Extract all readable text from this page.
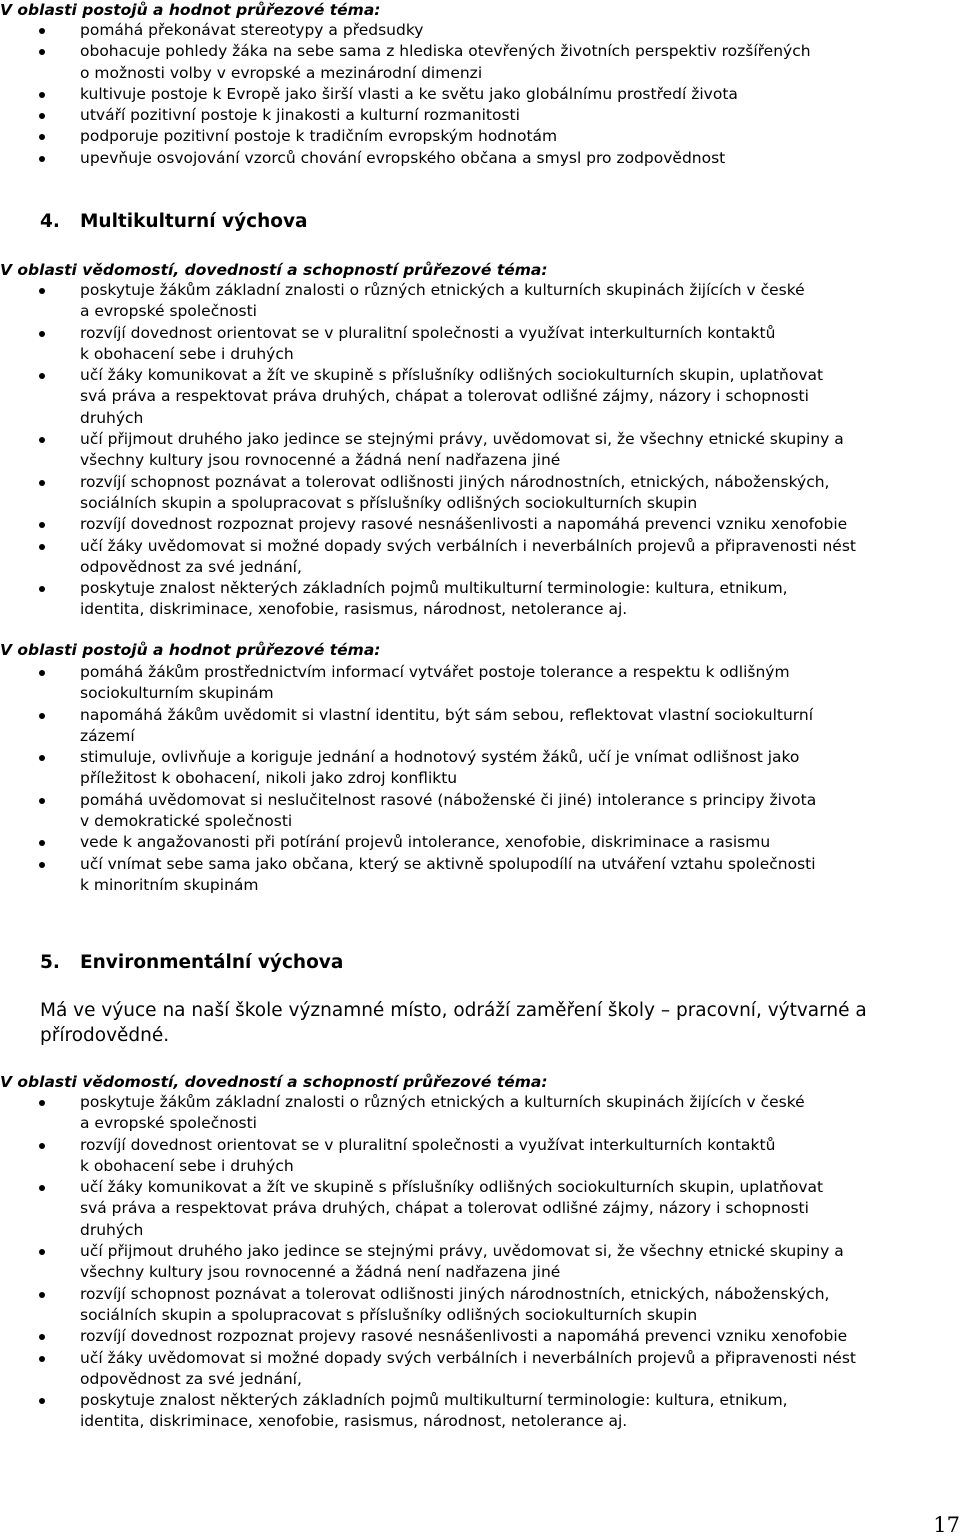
V oblasti postojů a hodnot průřezové téma:

pomáhá překonávat stereotypy a předsudky
obohacuje pohledy žáka na sebe sama z hlediska otevřených životních perspektiv rozšířených
o možnosti volby v evropské a mezinárodní dimenzi
kultivuje postoje k Evropě jako širší vlasti a ke světu jako globálnímu prostředí života
utváří pozitivní postoje k jinakosti a kulturní rozmanitosti
podporuje pozitivní postoje k tradičním evropským hodnotám
upevňuje osvojování vzorců chování evropského občana a smysl pro zodpovědnost
4. Multikulturní výchova

V oblasti vědomostí, dovedností a schopností průřezové téma:

poskytuje žákům základní znalosti o různých etnických a kulturních skupinách žijících v české
a evropské společnosti
rozvíjí dovednost orientovat se v pluralitní společnosti a využívat interkulturních kontaktů
k obohacení sebe i druhých
učí žáky komunikovat a žít ve skupině s příslušníky odlišných sociokulturních skupin, uplatňovat
svá práva a respektovat práva druhých, chápat a tolerovat odlišné zájmy, názory i schopnosti
druhých
učí přijmout druhého jako jedince se stejnými právy, uvědomovat si, že všechny etnické skupiny a
všechny kultury jsou rovnocenné a žádná není nadřazena jiné
rozvíjí schopnost poznávat a tolerovat odlišnosti jiných národnostních, etnických, náboženských,
sociálních skupin a spolupracovat s příslušníky odlišných sociokulturních skupin
rozvíjí dovednost rozpoznat projevy rasové nesnášenlivosti a napomáhá prevenci vzniku xenofobie
učí žáky uvědomovat si možné dopady svých verbálních i neverbálních projevů a připravenosti nést
odpovědnost za své jednání,
poskytuje znalost některých základních pojmů multikulturní terminologie: kultura, etnikum,
identita, diskriminace, xenofobie, rasismus, národnost, netolerance aj.

V oblasti postojů a hodnot průřezové téma:

pomáhá žákům prostřednictvím informací vytvářet postoje tolerance a respektu k odlišným
sociokulturním skupinám
napomáhá žákům uvědomit si vlastní identitu, být sám sebou, reflektovat vlastní sociokulturní
zázemí
stimuluje, ovlivňuje a koriguje jednání a hodnotový systém žáků, učí je vnímat odlišnost jako
příležitost k obohacení, nikoli jako zdroj konfliktu
pomáhá uvědomovat si neslučitelnost rasové (náboženské či jiné) intolerance s principy života
v demokratické společnosti
vede k angažovanosti při potírání projevů intolerance, xenofobie, diskriminace a rasismu
učí vnímat sebe sama jako občana, který se aktivně spolupodílí na utváření vztahu společnosti
k minoritním skupinám
5. Environmentální výchova

Má ve výuce na naší škole významné místo, odráží zaměření školy – pracovní, výtvarné a
přírodovědné.

V oblasti vědomostí, dovedností a schopností průřezové téma:

poskytuje žákům základní znalosti o různých etnických a kulturních skupinách žijících v české
a evropské společnosti
rozvíjí dovednost orientovat se v pluralitní společnosti a využívat interkulturních kontaktů
k obohacení sebe i druhých
učí žáky komunikovat a žít ve skupině s příslušníky odlišných sociokulturních skupin, uplatňovat
svá práva a respektovat práva druhých, chápat a tolerovat odlišné zájmy, názory i schopnosti
druhých
učí přijmout druhého jako jedince se stejnými právy, uvědomovat si, že všechny etnické skupiny a
všechny kultury jsou rovnocenné a žádná není nadřazena jiné
rozvíjí schopnost poznávat a tolerovat odlišnosti jiných národnostních, etnických, náboženských,
sociálních skupin a spolupracovat s příslušníky odlišných sociokulturních skupin
rozvíjí dovednost rozpoznat projevy rasové nesnášenlivosti a napomáhá prevenci vzniku xenofobie
učí žáky uvědomovat si možné dopady svých verbálních i neverbálních projevů a připravenosti nést
odpovědnost za své jednání,
poskytuje znalost některých základních pojmů multikulturní terminologie: kultura, etnikum,
identita, diskriminace, xenofobie, rasismus, národnost, netolerance aj.
17
